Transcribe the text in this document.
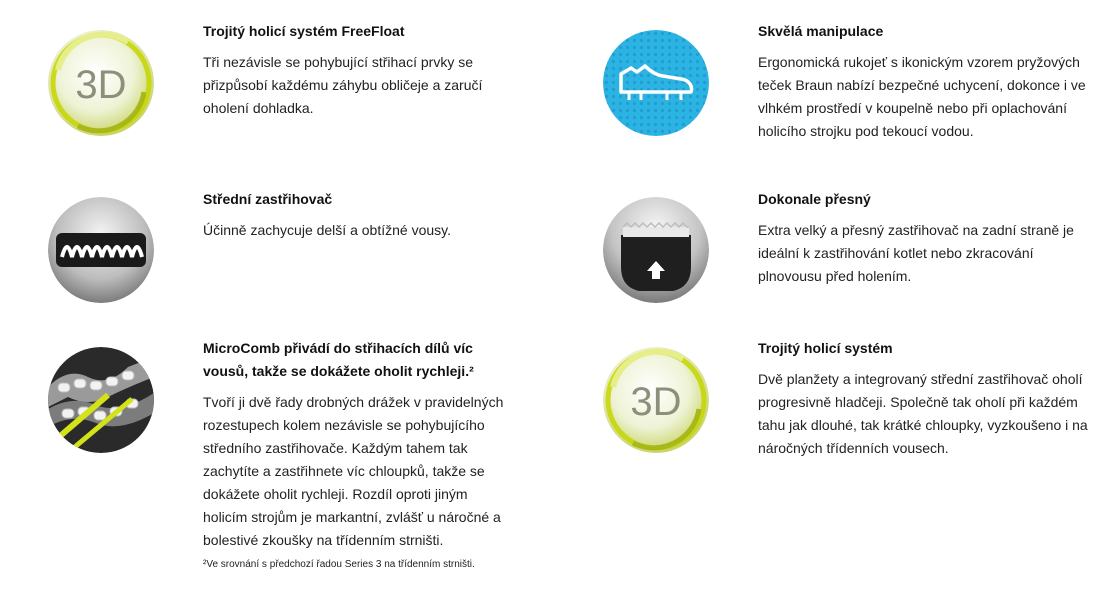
3D

Trojitý holicí systém FreeFloat

Tři nezávisle se pohybující střihací prvky se přizpůsobí každému záhybu obličeje a zaručí oholení dohladka.

Skvělá manipulace

Ergonomická rukojeť s ikonickým vzorem pryžových teček Braun nabízí bezpečné uchycení, dokonce i ve vlhkém prostředí v koupelně nebo při oplachování holicího strojku pod tekoucí vodou.

Střední zastřihovač

Účinně zachycuje delší a obtížné vousy.

Dokonale přesný

Extra velký a přesný zastřihovač na zadní straně je ideální k zastřihování kotlet nebo zkracování plnovousu před holením.

MicroComb přivádí do střihacích dílů víc vousů, takže se dokážete oholit rychleji.²

Tvoří ji dvě řady drobných drážek v pravidelných rozestupech kolem nezávisle se pohybujícího středního zastřihovače. Každým tahem tak zachytíte a zastřihnete víc chloupků, takže se dokážete oholit rychleji. Rozdíl oproti jiným holicím strojům je markantní, zvlášť u náročné a bolestivé zkoušky na třídenním strništi.

²Ve srovnání s předchozí řadou Series 3 na třídenním strništi.

3D

Trojitý holicí systém

Dvě planžety a integrovaný střední zastřihovač oholí progresivně hladčeji. Společně tak oholí při každém tahu jak dlouhé, tak krátké chloupky, vyzkoušeno i na náročných třídenních vousech.
